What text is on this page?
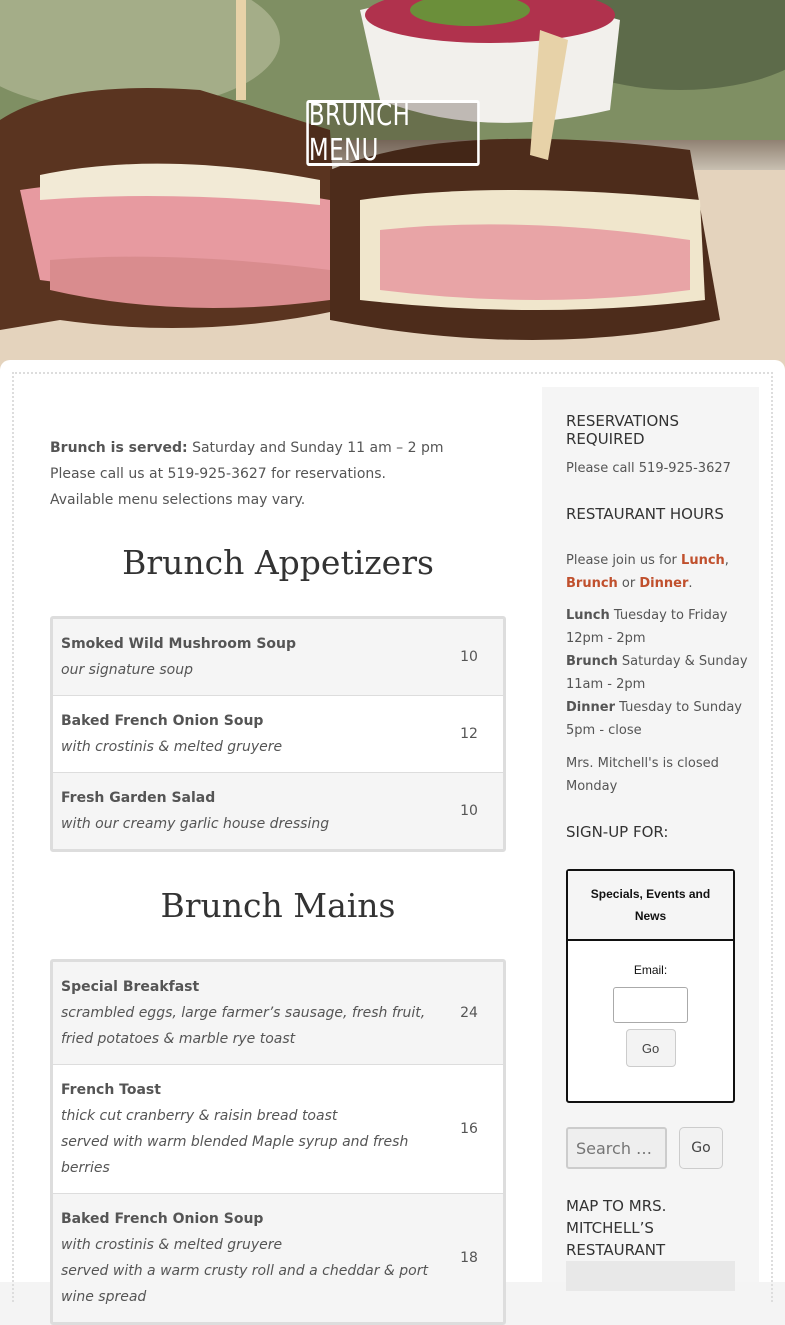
BRUNCH MENU

Brunch is served: Saturday and Sunday 11 am – 2 pm

Please call us at 519-925-3627 for reservations.

Available menu selections may vary.

Brunch Appetizers
Smoked Wild Mushroom Soup
our signature soup
10
Baked French Onion Soup
with crostinis & melted gruyere
12
Fresh Garden Salad
with our creamy garlic house dressing
10
Brunch Mains
Special Breakfast
scrambled eggs, large farmer’s sausage, fresh fruit,
fried potatoes & marble rye toast
24
French Toast
thick cut cranberry & raisin bread toast
served with warm blended Maple syrup and fresh berries
16
Baked French Onion Soup
with crostinis & melted gruyere
served with a warm crusty roll and a cheddar & port wine spread
18
RESERVATIONS REQUIRED
Please call 519-925-3627
RESTAURANT HOURS
Please join us for Lunch, Brunch or Dinner.
Lunch Tuesday to Friday 12pm - 2pm
Brunch Saturday & Sunday 11am - 2pm
Dinner Tuesday to Sunday 5pm - close
Mrs. Mitchell's is closed Monday
SIGN-UP FOR:
Specials, Events and News
Email:
Go
Search …
Go
MAP TO MRS. MITCHELL’S RESTAURANT
